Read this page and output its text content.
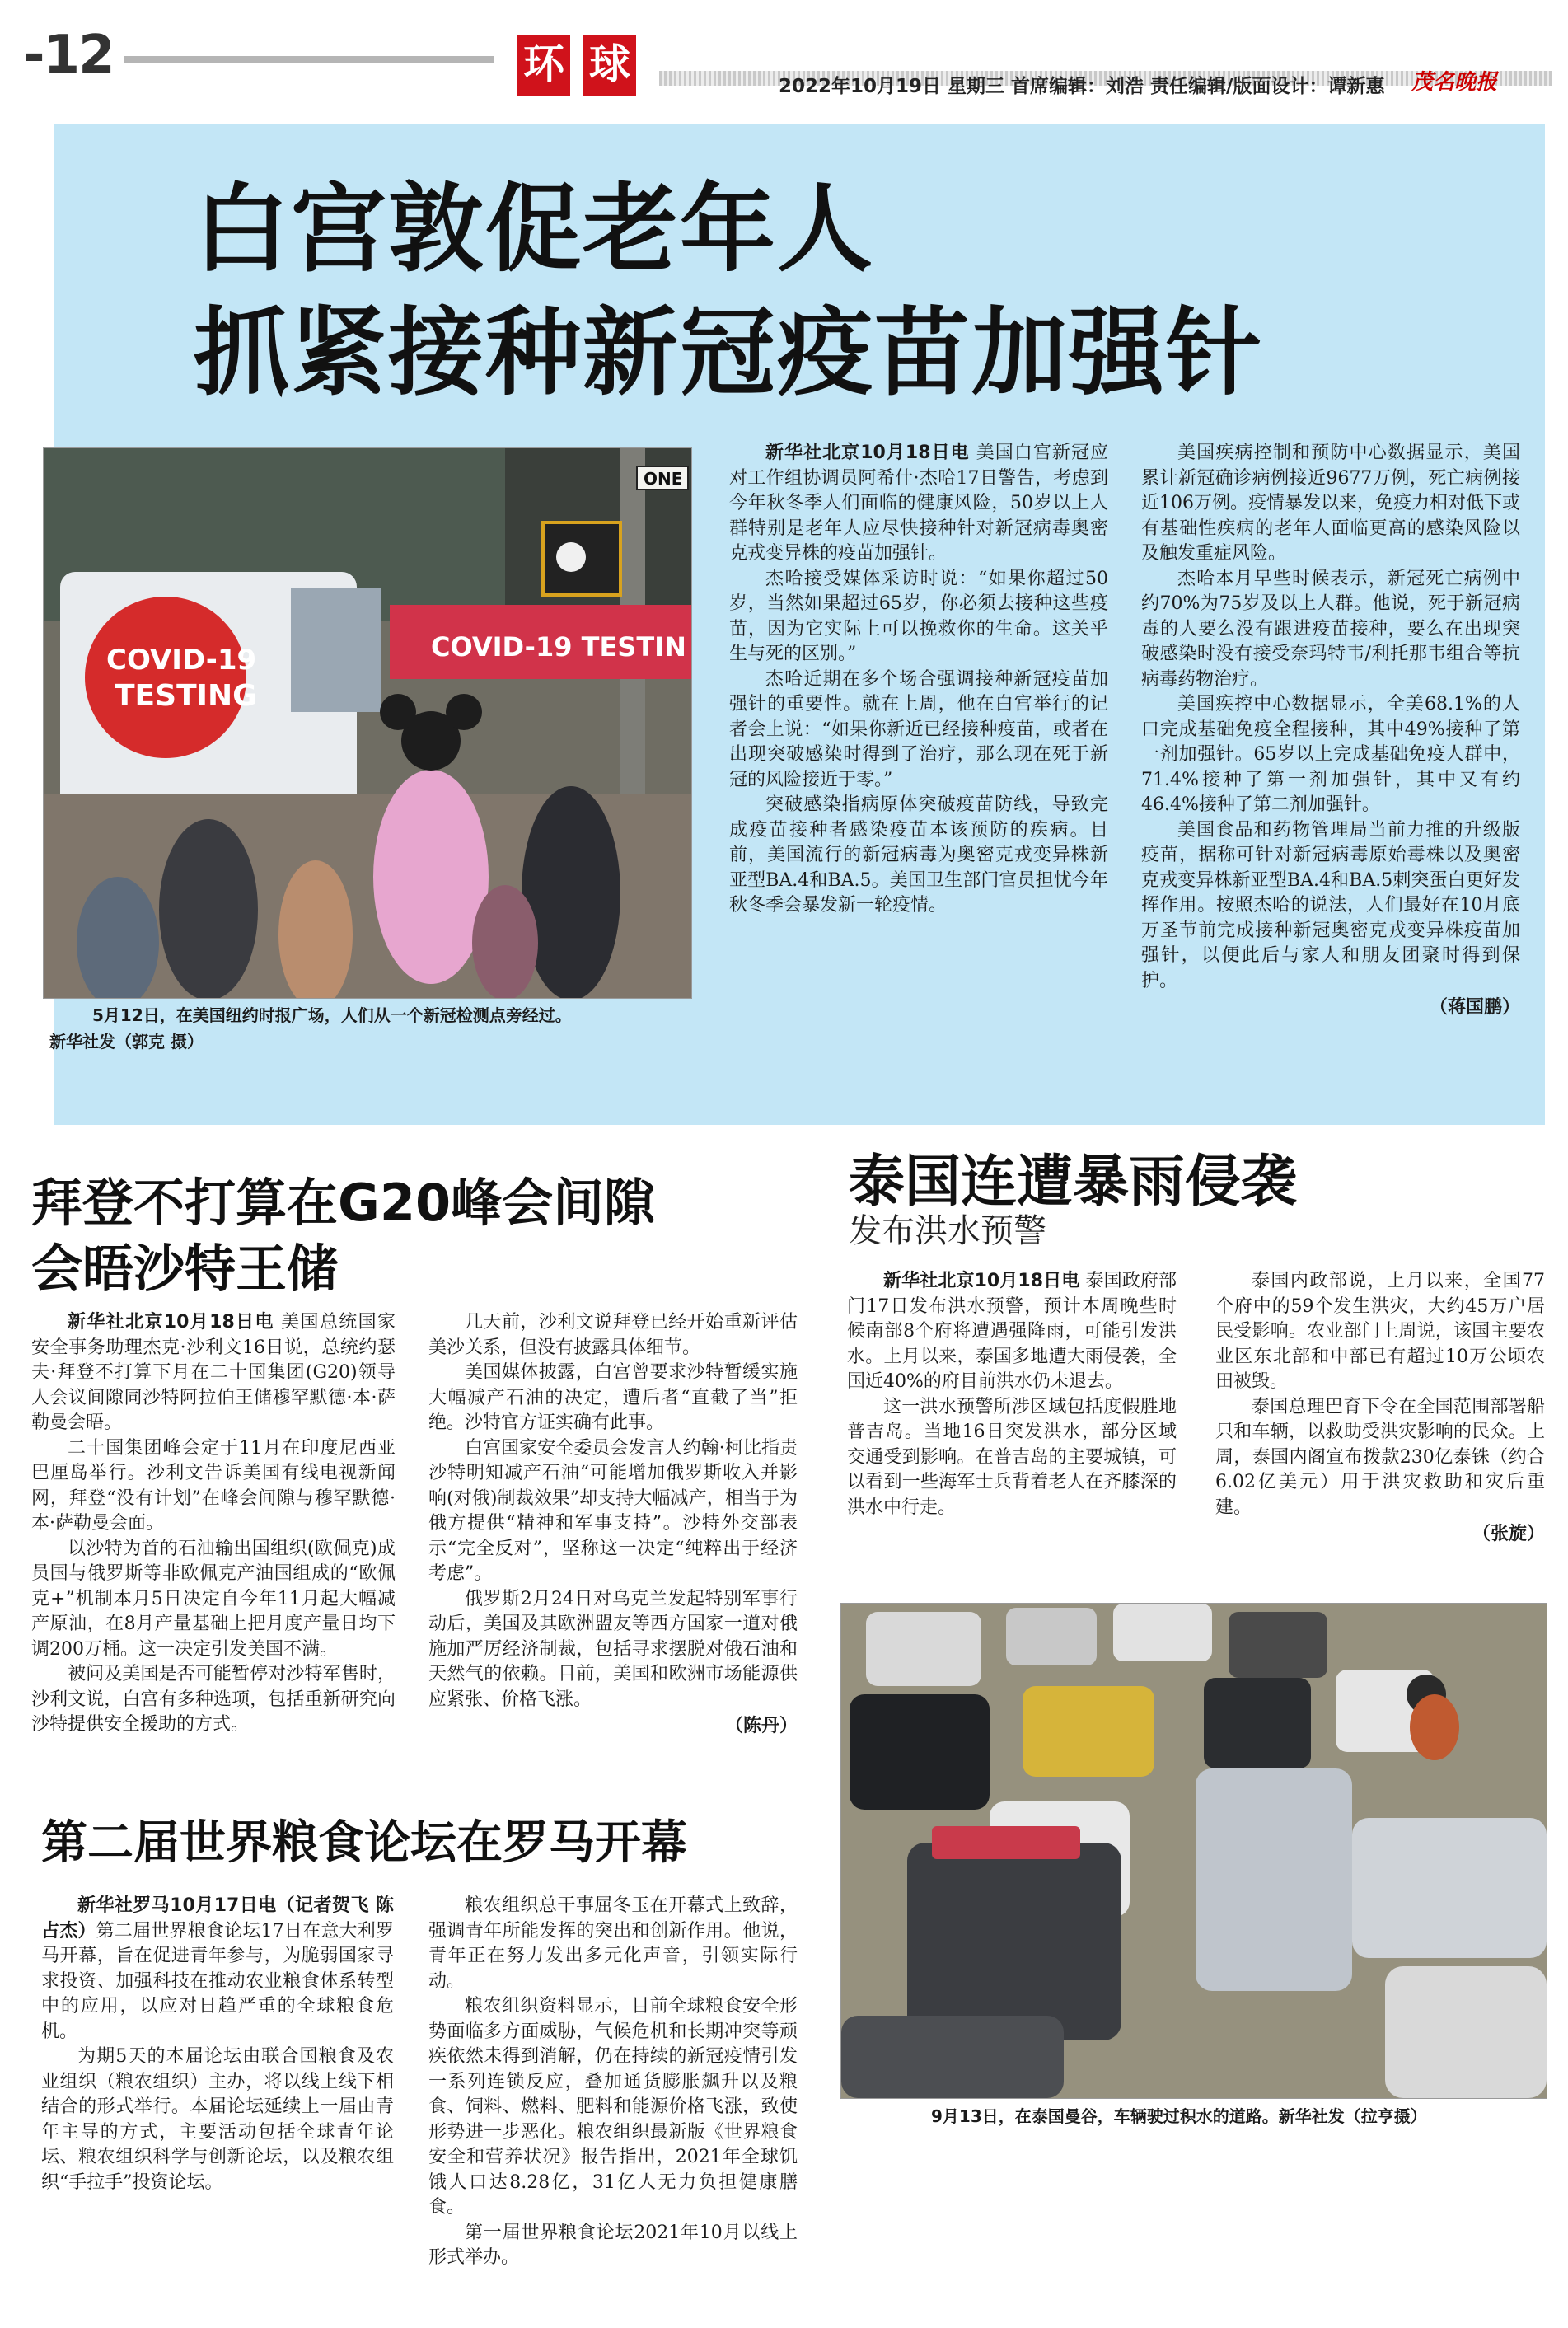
-12	环 球	2022年10月19日 星期三 首席编辑：刘浩 责任编辑/版面设计：谭新惠	茂名晚报
白宫敦促老年人
抓紧接种新冠疫苗加强针
ONE
COVID-19 TESTIN
COVID-19
TESTING
5月12日，在美国纽约时报广场，人们从一个新冠检测点旁经过。
新华社发（郭克 摄）

新华社北京10月18日电 美国白宫新冠应对工作组协调员阿希什·杰哈17日警告，考虑到今年秋冬季人们面临的健康风险，50岁以上人群特别是老年人应尽快接种针对新冠病毒奥密克戎变异株的疫苗加强针。

杰哈接受媒体采访时说：“如果你超过50岁，当然如果超过65岁，你必须去接种这些疫苗，因为它实际上可以挽救你的生命。这关乎生与死的区别。”

杰哈近期在多个场合强调接种新冠疫苗加强针的重要性。就在上周，他在白宫举行的记者会上说：“如果你新近已经接种疫苗，或者在出现突破感染时得到了治疗，那么现在死于新冠的风险接近于零。”

突破感染指病原体突破疫苗防线，导致完成疫苗接种者感染疫苗本该预防的疾病。目前，美国流行的新冠病毒为奥密克戎变异株新亚型BA.4和BA.5。美国卫生部门官员担忧今年秋冬季会暴发新一轮疫情。

美国疾病控制和预防中心数据显示，美国累计新冠确诊病例接近9677万例，死亡病例接近106万例。疫情暴发以来，免疫力相对低下或有基础性疾病的老年人面临更高的感染风险以及触发重症风险。

杰哈本月早些时候表示，新冠死亡病例中约70%为75岁及以上人群。他说，死于新冠病毒的人要么没有跟进疫苗接种，要么在出现突破感染时没有接受奈玛特韦/利托那韦组合等抗病毒药物治疗。

美国疾控中心数据显示，全美68.1%的人口完成基础免疫全程接种，其中49%接种了第一剂加强针。65岁以上完成基础免疫人群中，71.4%接种了第一剂加强针，其中又有约46.4%接种了第二剂加强针。

美国食品和药物管理局当前力推的升级版疫苗，据称可针对新冠病毒原始毒株以及奥密克戎变异株新亚型BA.4和BA.5刺突蛋白更好发挥作用。按照杰哈的说法，人们最好在10月底万圣节前完成接种新冠奥密克戎变异株疫苗加强针，以便此后与家人和朋友团聚时得到保护。

（蒋国鹏）
拜登不打算在G20峰会间隙
会晤沙特王储

新华社北京10月18日电 美国总统国家安全事务助理杰克·沙利文16日说，总统约瑟夫·拜登不打算下月在二十国集团(G20)领导人会议间隙同沙特阿拉伯王储穆罕默德·本·萨勒曼会晤。

二十国集团峰会定于11月在印度尼西亚巴厘岛举行。沙利文告诉美国有线电视新闻网，拜登“没有计划”在峰会间隙与穆罕默德·本·萨勒曼会面。

以沙特为首的石油输出国组织(欧佩克)成员国与俄罗斯等非欧佩克产油国组成的“欧佩克+”机制本月5日决定自今年11月起大幅减产原油，在8月产量基础上把月度产量日均下调200万桶。这一决定引发美国不满。

被问及美国是否可能暂停对沙特军售时，沙利文说，白宫有多种选项，包括重新研究向沙特提供安全援助的方式。

几天前，沙利文说拜登已经开始重新评估美沙关系，但没有披露具体细节。

美国媒体披露，白宫曾要求沙特暂缓实施大幅减产石油的决定，遭后者“直截了当”拒绝。沙特官方证实确有此事。

白宫国家安全委员会发言人约翰·柯比指责沙特明知减产石油“可能增加俄罗斯收入并影响(对俄)制裁效果”却支持大幅减产，相当于为俄方提供“精神和军事支持”。沙特外交部表示“完全反对”，坚称这一决定“纯粹出于经济考虑”。

俄罗斯2月24日对乌克兰发起特别军事行动后，美国及其欧洲盟友等西方国家一道对俄施加严厉经济制裁，包括寻求摆脱对俄石油和天然气的依赖。目前，美国和欧洲市场能源供应紧张、价格飞涨。

（陈丹）
第二届世界粮食论坛在罗马开幕

新华社罗马10月17日电（记者贺飞 陈占杰）第二届世界粮食论坛17日在意大利罗马开幕，旨在促进青年参与，为脆弱国家寻求投资、加强科技在推动农业粮食体系转型中的应用，以应对日趋严重的全球粮食危机。

为期5天的本届论坛由联合国粮食及农业组织（粮农组织）主办，将以线上线下相结合的形式举行。本届论坛延续上一届由青年主导的方式，主要活动包括全球青年论坛、粮农组织科学与创新论坛，以及粮农组织“手拉手”投资论坛。

粮农组织总干事屈冬玉在开幕式上致辞，强调青年所能发挥的突出和创新作用。他说，青年正在努力发出多元化声音，引领实际行动。

粮农组织资料显示，目前全球粮食安全形势面临多方面威胁，气候危机和长期冲突等顽疾依然未得到消解，仍在持续的新冠疫情引发一系列连锁反应，叠加通货膨胀飙升以及粮食、饲料、燃料、肥料和能源价格飞涨，致使形势进一步恶化。粮农组织最新版《世界粮食安全和营养状况》报告指出，2021年全球饥饿人口达8.28亿，31亿人无力负担健康膳食。

第一届世界粮食论坛2021年10月以线上形式举办。

泰国连遭暴雨侵袭
发布洪水预警

新华社北京10月18日电 泰国政府部门17日发布洪水预警，预计本周晚些时候南部8个府将遭遇强降雨，可能引发洪水。上月以来，泰国多地遭大雨侵袭，全国近40%的府目前洪水仍未退去。

这一洪水预警所涉区域包括度假胜地普吉岛。当地16日突发洪水，部分区域交通受到影响。在普吉岛的主要城镇，可以看到一些海军士兵背着老人在齐膝深的洪水中行走。

泰国内政部说，上月以来，全国77个府中的59个发生洪灾，大约45万户居民受影响。农业部门上周说，该国主要农业区东北部和中部已有超过10万公顷农田被毁。

泰国总理巴育下令在全国范围部署船只和车辆，以救助受洪灾影响的民众。上周，泰国内阁宣布拨款230亿泰铢（约合6.02亿美元）用于洪灾救助和灾后重建。

（张旋）
9月13日，在泰国曼谷，车辆驶过积水的道路。新华社发（拉亨摄）
